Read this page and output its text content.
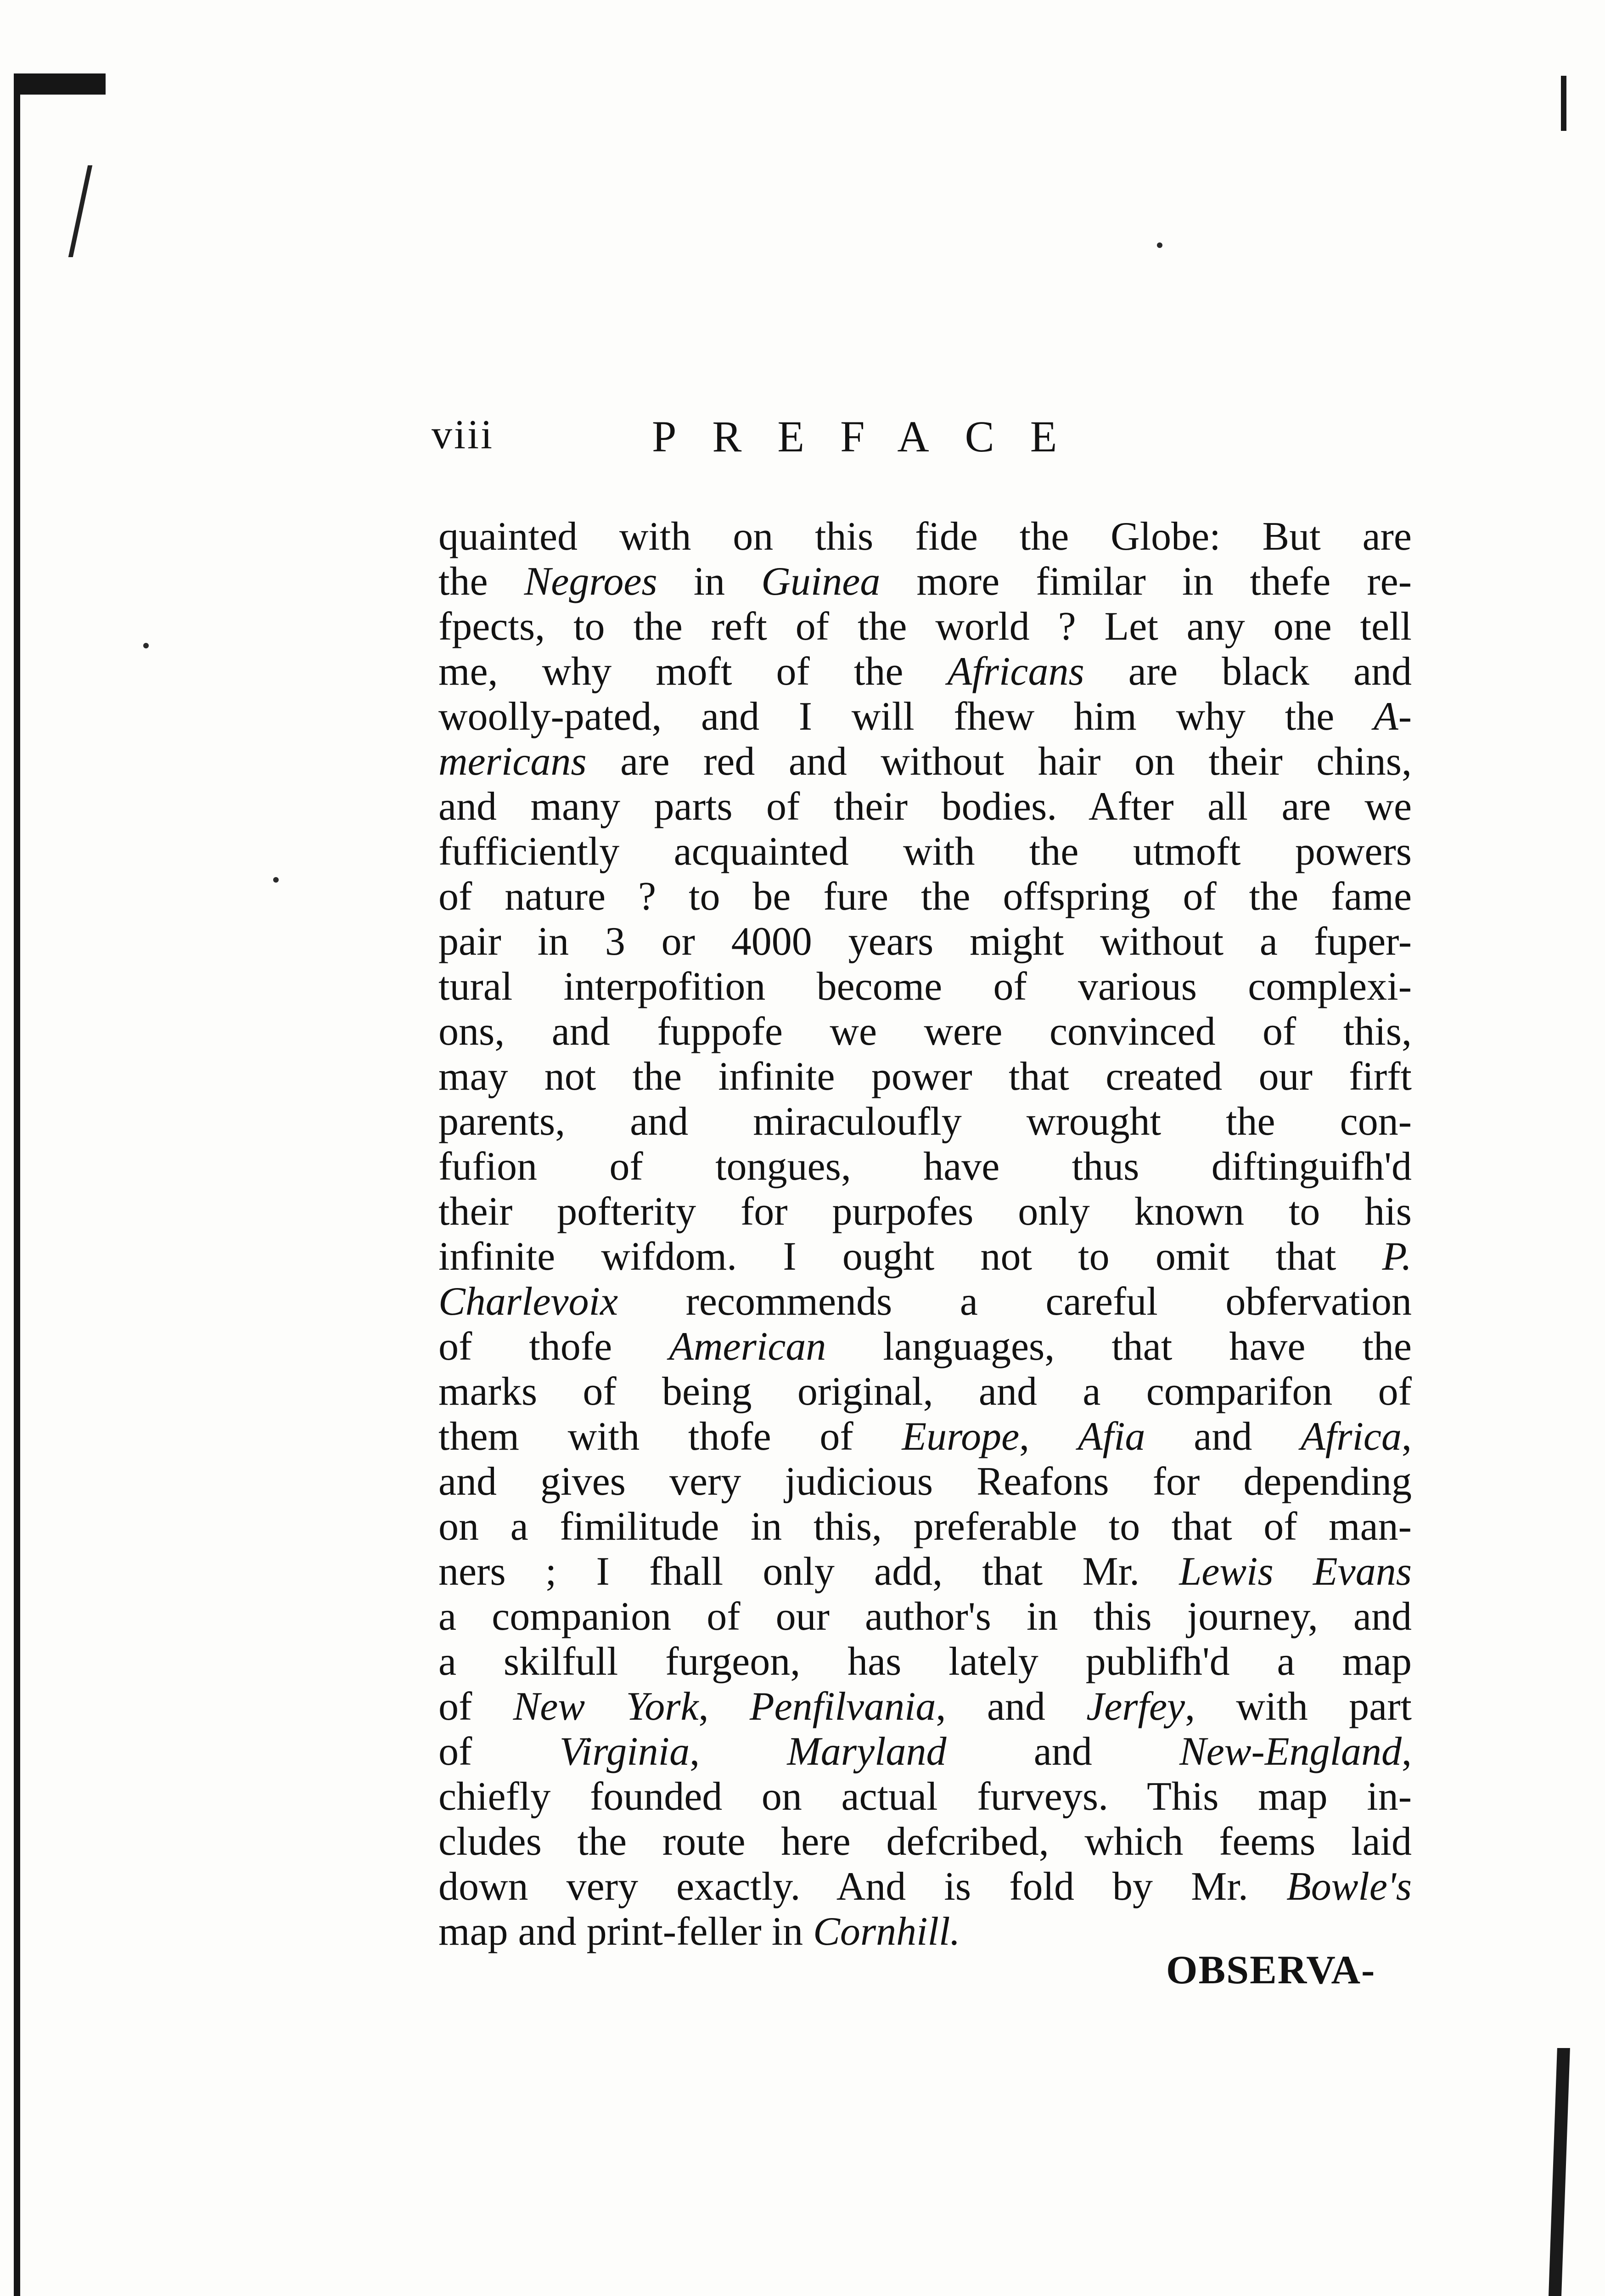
viii	PREFACE
quainted with on this fide the Globe: But are
the Negroes in Guinea more fimilar in thefe re-
fpects, to the reft of the world ? Let any one tell
me, why moft of the Africans are black and
woolly-pated, and I will fhew him why the A-
mericans are red and without hair on their chins,
and many parts of their bodies. After all are we
fufficiently acquainted with the utmoft powers
of nature ? to be fure the offspring of the fame
pair in 3 or 4000 years might without a fuper-
tural interpofition become of various complexi-
ons, and fuppofe we were convinced of this,
may not the infinite power that created our firft
parents, and miraculoufly wrought the con-
fufion of tongues, have thus diftinguifh'd
their pofterity for purpofes only known to his
infinite wifdom. I ought not to omit that P.
Charlevoix recommends a careful obfervation
of thofe American languages, that have the
marks of being original, and a comparifon of
them with thofe of Europe, Afia and Africa,
and gives very judicious Reafons for depending
on a fimilitude in this, preferable to that of man-
ners ; I fhall only add, that Mr. Lewis Evans
a companion of our author's in this journey, and
a skilfull furgeon, has lately publifh'd a map
of New York, Penfilvania, and Jerfey, with part
of Virginia, Maryland and New-England,
chiefly founded on actual furveys. This map in-
cludes the route here defcribed, which feems laid
down very exactly. And is fold by Mr. Bowle's
map and print-feller in Cornhill.
OBSERVA-
